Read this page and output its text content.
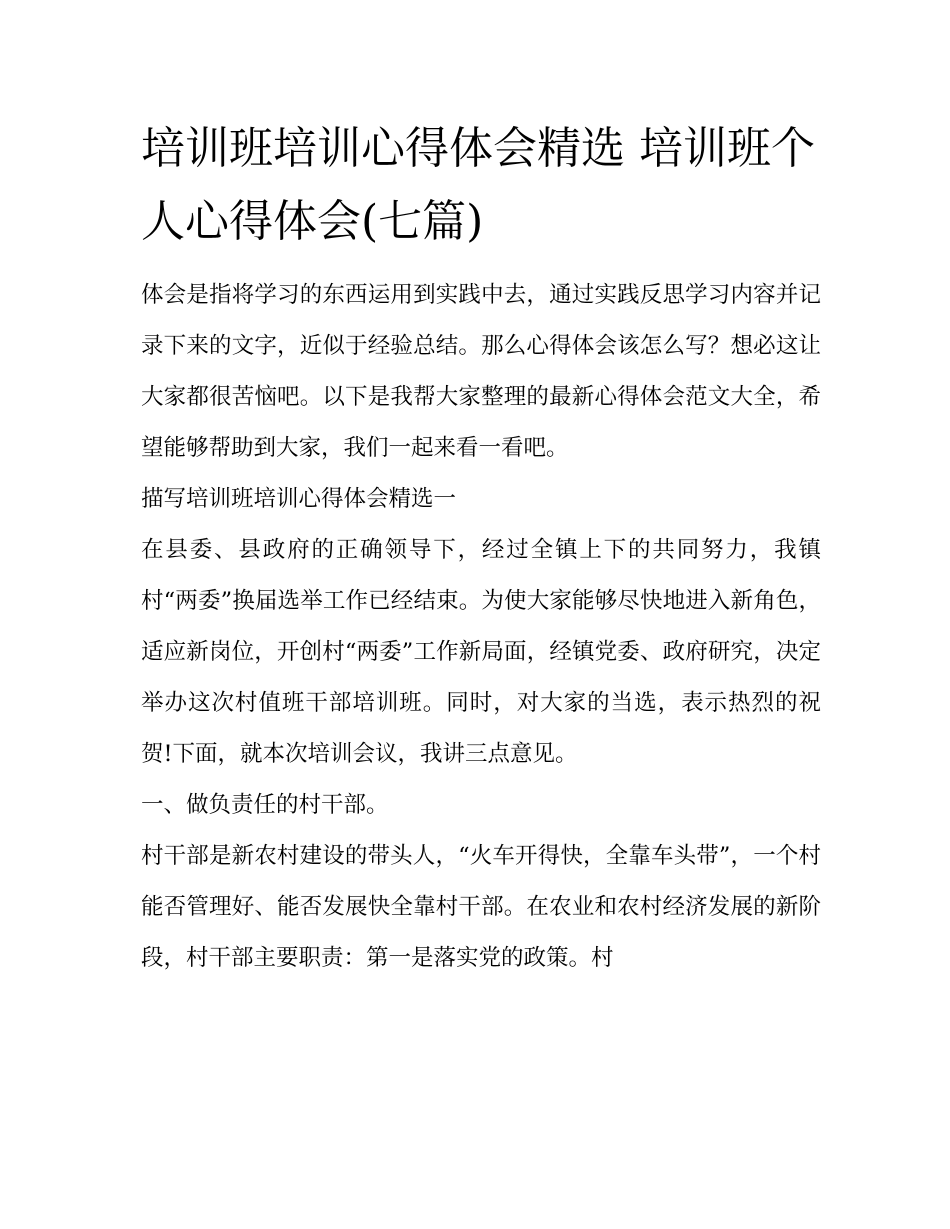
培训班培训心得体会精选 培训班个人心得体会(七篇)

体会是指将学习的东西运用到实践中去，通过实践反思学习内容并记录下来的文字，近似于经验总结。那么心得体会该怎么写？想必这让大家都很苦恼吧。以下是我帮大家整理的最新心得体会范文大全，希望能够帮助到大家，我们一起来看一看吧。

描写培训班培训心得体会精选一

在县委、县政府的正确领导下，经过全镇上下的共同努力，我镇村“两委”换届选举工作已经结束。为使大家能够尽快地进入新角色，适应新岗位，开创村“两委”工作新局面，经镇党委、政府研究，决定举办这次村值班干部培训班。同时，对大家的当选，表示热烈的祝贺!下面，就本次培训会议，我讲三点意见。

一、做负责任的村干部。

村干部是新农村建设的带头人，“火车开得快，全靠车头带”，一个村能否管理好、能否发展快全靠村干部。在农业和农村经济发展的新阶段，村干部主要职责：第一是落实党的政策。村
